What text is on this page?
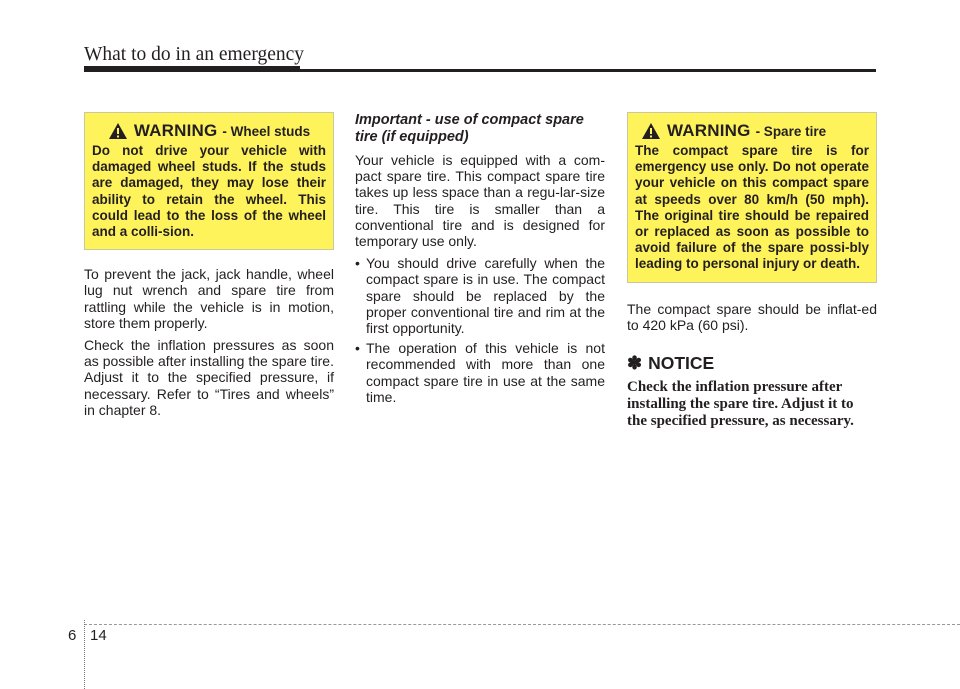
What to do in an emergency
WARNING - Wheel studs
Do not drive your vehicle with damaged wheel studs. If the studs are damaged, they may lose their ability to retain the wheel. This could lead to the loss of the wheel and a colli-sion.

To prevent the jack, jack handle, wheel lug nut wrench and spare tire from rattling while the vehicle is in motion, store them properly.

Check the inflation pressures as soon as possible after installing the spare tire. Adjust it to the specified pressure, if necessary. Refer to “Tires and wheels” in chapter 8.

Important - use of compact spare tire (if equipped)

Your vehicle is equipped with a com-pact spare tire. This compact spare tire takes up less space than a regu-lar-size tire. This tire is smaller than a conventional tire and is designed for temporary use only.

• You should drive carefully when the compact spare is in use. The compact spare should be replaced by the proper conventional tire and rim at the first opportunity.
• The operation of this vehicle is not recommended with more than one compact spare tire in use at the same time.
WARNING - Spare tire
The compact spare tire is for emergency use only. Do not operate your vehicle on this compact spare at speeds over 80 km/h (50 mph). The original tire should be repaired or replaced as soon as possible to avoid failure of the spare possi-bly leading to personal injury or death.

The compact spare should be inflat-ed to 420 kPa (60 psi).

✽ NOTICE
Check the inflation pressure after installing the spare tire. Adjust it to the specified pressure, as necessary.
6 14
